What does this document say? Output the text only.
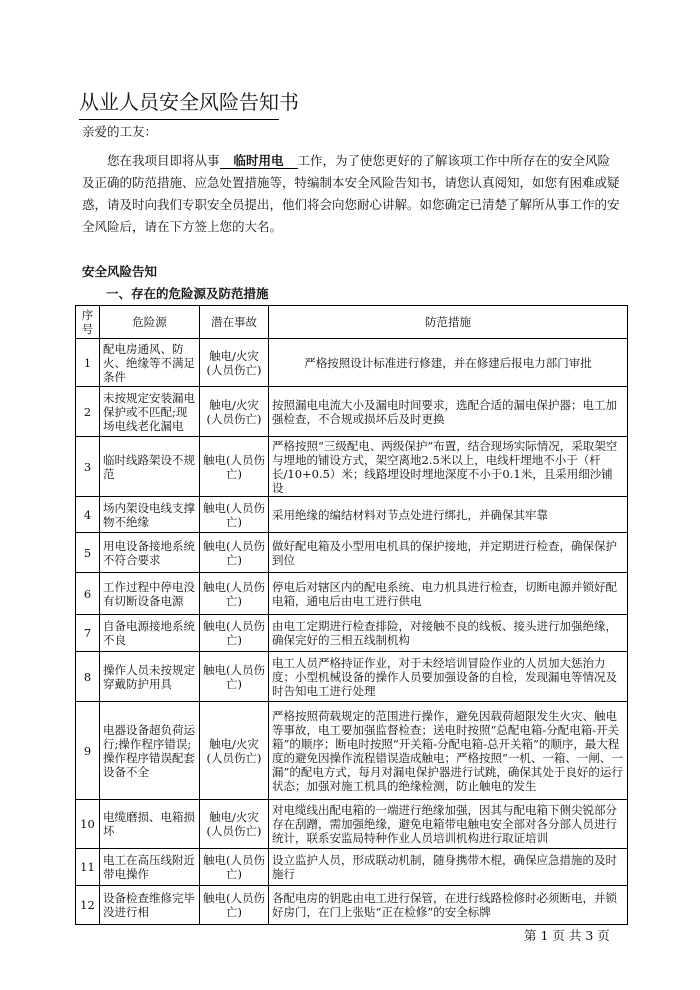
从业人员安全风险告知书
亲爱的工友：

您在我项目即将从事 临时用电 工作，为了使您更好的了解该项工作中所存在的安全风险及正确的防范措施、应急处置措施等，特编制本安全风险告知书，请您认真阅知，如您有困难或疑惑，请及时向我们专职安全员提出，他们将会向您耐心讲解。如您确定已清楚了解所从事工作的安全风险后，请在下方签上您的大名。

安全风险告知
一、存在的危险源及防范措施
序号	危险源	潜在事故	防范措施
1	配电房通风、防火、绝缘等不满足条件	触电/火灾(人员伤亡)	严格按照设计标准进行修建，并在修建后报电力部门审批
2	未按规定安装漏电保护或不匹配;现场电线老化漏电	触电/火灾(人员伤亡)	按照漏电电流大小及漏电时间要求，选配合适的漏电保护器；电工加强检查，不合规或损坏后及时更换
3	临时线路架设不规范	触电(人员伤亡)	严格按照“三级配电、两级保护”布置，结合现场实际情况，采取架空与埋地的铺设方式，架空离地2.5米以上，电线杆埋地不小于（杆长/10+0.5）米；线路埋设时埋地深度不小于0.1米，且采用细沙铺设
4	场内架设电线支撑物不绝缘	触电(人员伤亡)	采用绝缘的编结材料对节点处进行绑扎，并确保其牢靠
5	用电设备接地系统不符合要求	触电(人员伤亡)	做好配电箱及小型用电机具的保护接地，并定期进行检查，确保保护到位
6	工作过程中停电没有切断设备电源	触电(人员伤亡)	停电后对辖区内的配电系统、电力机具进行检查，切断电源并锁好配电箱，通电后由电工进行供电
7	自备电源接地系统不良	触电(人员伤亡)	由电工定期进行检查排险，对接触不良的线板、接头进行加强绝缘，确保完好的三相五线制机构
8	操作人员未按规定穿戴防护用具	触电(人员伤亡)	电工人员严格持证作业，对于未经培训冒险作业的人员加大惩治力度；小型机械设备的操作人员要加强设备的自检，发现漏电等情况及时告知电工进行处理
9	电器设备超负荷运行;操作程序错误;操作程序错误配套设备不全	触电/火灾(人员伤亡)	严格按照荷载规定的范围进行操作，避免因载荷超限发生火灾、触电等事故，电工要加强监督检查；送电时按照“总配电箱-分配电箱-开关箱”的顺序；断电时按照“开关箱-分配电箱-总开关箱”的顺序，最大程度的避免因操作流程错误造成触电；严格按照“一机、一箱、一闸、一漏”的配电方式，每月对漏电保护器进行试跳，确保其处于良好的运行状态；加强对施工机具的绝缘检测，防止触电的发生
10	电缆磨损、电箱损坏	触电/火灾(人员伤亡)	对电缆线出配电箱的一端进行绝缘加强，因其与配电箱下侧尖锐部分存在刮蹭，需加强绝缘，避免电箱带电触电安全部对各分部人员进行统计，联系安监局特种作业人员培训机构进行取证培训
11	电工在高压线附近带电操作	触电(人员伤亡)	设立监护人员，形成联动机制，随身携带木棍，确保应急措施的及时施行
12	设备检查维修完毕没进行相	触电(人员伤亡)	各配电房的钥匙由电工进行保管，在进行线路检修时必须断电，并锁好房门，在门上张贴“正在检修”的安全标牌
第 1 页 共 3 页
